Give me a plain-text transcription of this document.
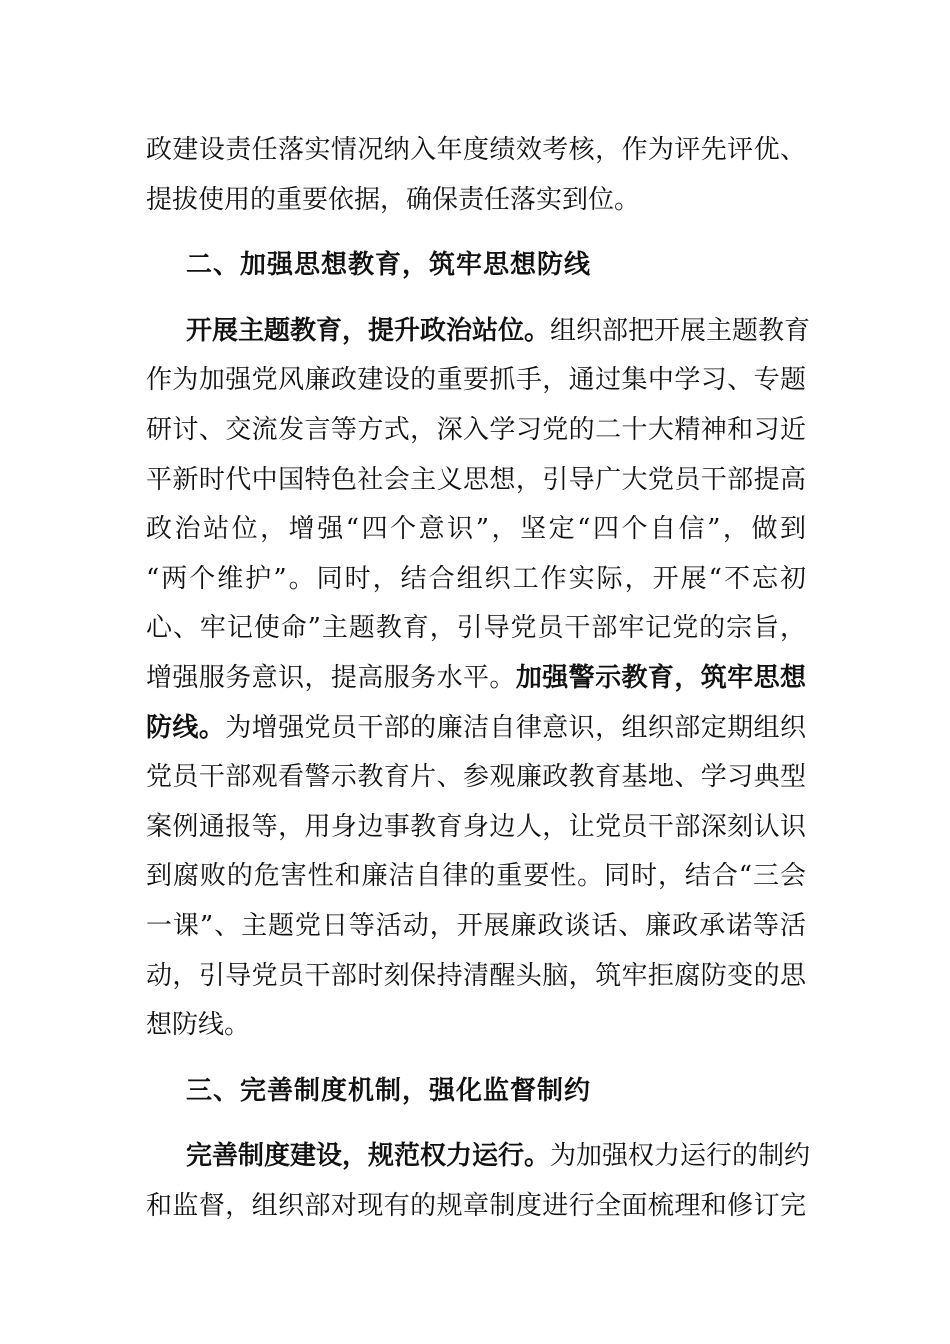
政建设责任落实情况纳入年度绩效考核，作为评先评优、
提拔使用的重要依据，确保责任落实到位。
二、加强思想教育，筑牢思想防线
开展主题教育，提升政治站位。组织部把开展主题教育
作为加强党风廉政建设的重要抓手，通过集中学习、专题
研讨、交流发言等方式，深入学习党的二十大精神和习近
平新时代中国特色社会主义思想，引导广大党员干部提高
政治站位，增强“四个意识”，坚定“四个自信”，做到
“两个维护”。同时，结合组织工作实际，开展“不忘初
心、牢记使命”主题教育，引导党员干部牢记党的宗旨，
增强服务意识，提高服务水平。加强警示教育，筑牢思想
防线。为增强党员干部的廉洁自律意识，组织部定期组织
党员干部观看警示教育片、参观廉政教育基地、学习典型
案例通报等，用身边事教育身边人，让党员干部深刻认识
到腐败的危害性和廉洁自律的重要性。同时，结合“三会
一课”、主题党日等活动，开展廉政谈话、廉政承诺等活
动，引导党员干部时刻保持清醒头脑，筑牢拒腐防变的思
想防线。
三、完善制度机制，强化监督制约
完善制度建设，规范权力运行。为加强权力运行的制约
和监督，组织部对现有的规章制度进行全面梳理和修订完
